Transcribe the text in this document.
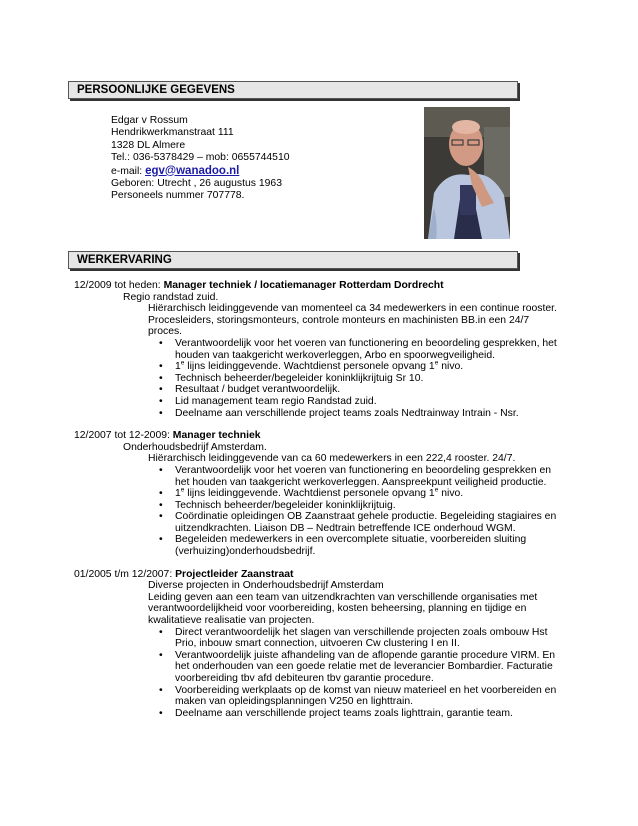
PERSOONLIJKE GEGEVENS
Edgar v Rossum
Hendrikwerkmanstraat 111
1328 DL Almere
Tel.: 036-5378429 – mob: 0655744510
e-mail: egv@wanadoo.nl
Geboren: Utrecht , 26 augustus 1963
Personeels nummer 707778.
WERKERVARING
12/2009 tot heden: Manager techniek / locatiemanager Rotterdam Dordrecht
Regio randstad zuid.
Hiërarchisch leidinggevende van momenteel ca 34 medewerkers in een continue rooster. Procesleiders, storingsmonteurs, controle monteurs en machinisten BB.in een 24/7 proces.
• Verantwoordelijk voor het voeren van functionering en beoordeling gesprekken, het houden van taakgericht werkoverleggen, Arbo en spoorwegveiligheid.
• 1e lijns leidinggevende. Wachtdienst personele opvang 1e nivo.
• Technisch beheerder/begeleider koninklijkrijtuig Sr 10.
• Resultaat / budget verantwoordelijk.
• Lid management team regio Randstad zuid.
• Deelname aan verschillende project teams zoals Nedtrainway Intrain - Nsr.
12/2007 tot 12-2009: Manager techniek
Onderhoudsbedrijf Amsterdam.
Hiërarchisch leidinggevende van ca 60 medewerkers in een 222,4 rooster. 24/7.
• Verantwoordelijk voor het voeren van functionering en beoordeling gesprekken en het houden van taakgericht werkoverleggen. Aanspreekpunt veiligheid productie.
• 1e lijns leidinggevende. Wachtdienst personele opvang 1e nivo.
• Technisch beheerder/begeleider koninklijkrijtuig.
• Coördinatie opleidingen OB Zaanstraat gehele productie. Begeleiding stagiaires en uitzendkrachten. Liaison DB – Nedtrain betreffende ICE onderhoud WGM.
• Begeleiden medewerkers in een overcomplete situatie, voorbereiden sluiting (verhuizing)onderhoudsbedrijf.
01/2005 t/m 12/2007: Projectleider Zaanstraat
Diverse projecten in Onderhoudsbedrijf Amsterdam
Leiding geven aan een team van uitzendkrachten van verschillende organisaties met verantwoordelijkheid voor voorbereiding, kosten beheersing, planning en tijdige en kwalitatieve realisatie van projecten.
• Direct verantwoordelijk het slagen van verschillende projecten zoals ombouw Hst Prio, inbouw smart connection, uitvoeren Cw clustering I en II.
• Verantwoordelijk juiste afhandeling van de aflopende garantie procedure VIRM. En het onderhouden van een goede relatie met de leverancier Bombardier. Facturatie voorbereiding tbv afd debiteuren tbv garantie procedure.
• Voorbereiding werkplaats op de komst van nieuw materieel en het voorbereiden en maken van opleidingsplanningen V250 en lighttrain.
• Deelname aan verschillende project teams zoals lighttrain, garantie team.
